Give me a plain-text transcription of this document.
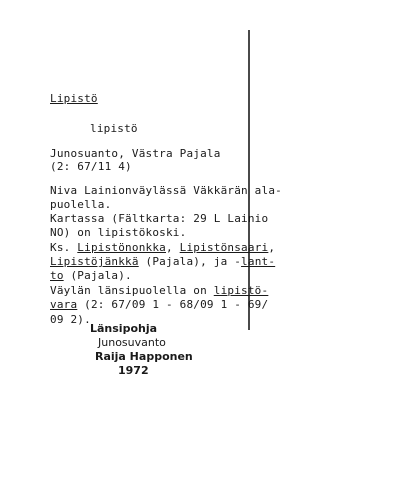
Lipistö
lipistö
Junosuanto, Västra Pajala
(2: 67/11 4)
Niva Lainionväylässä Väkkärän ala-
puolella.
Kartassa (Fältkarta: 29 L Lainio
NO) on lipistökoski.
Ks. Lipistönonkka, Lipistönsaari,
Lipistöjänkkä (Pajala), ja -lant-
to (Pajala).
Väylän länsipuolella on lipistö-
vara (2: 67/09 1 - 68/09 1 - 69/
09 2).
Länsipohja
Junosuvanto
Raija Happonen
1972
